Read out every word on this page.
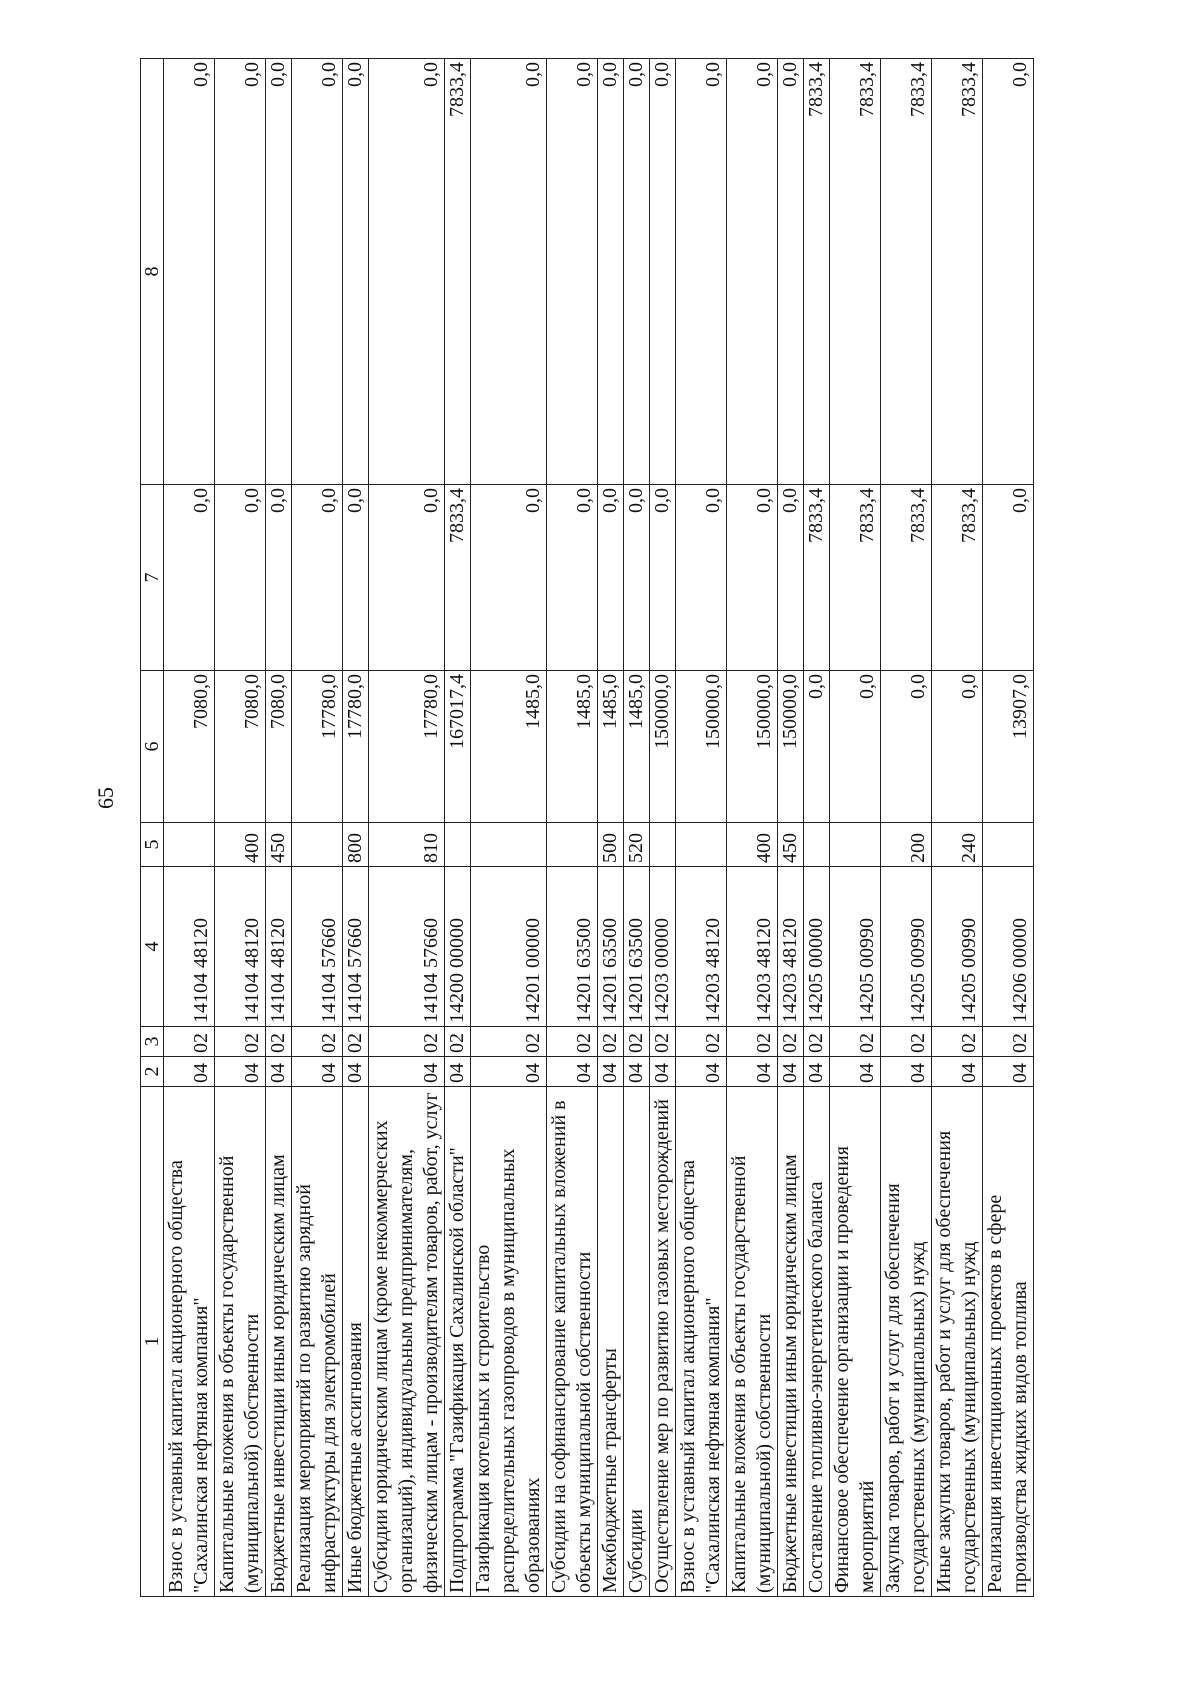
65
1	2	3	4	5	6	7	8
Взнос в уставный капитал акционерного общества "Сахалинская нефтяная компания"	04	02	14104 48120		7080,0	0,0	0,0
Капитальные вложения в объекты государственной (муниципальной) собственности	04	02	14104 48120	400	7080,0	0,0	0,0
Бюджетные инвестиции иным юридическим лицам	04	02	14104 48120	450	7080,0	0,0	0,0
Реализация мероприятий по развитию зарядной инфраструктуры для электромобилей	04	02	14104 57660		17780,0	0,0	0,0
Иные бюджетные ассигнования	04	02	14104 57660	800	17780,0	0,0	0,0
Субсидии юридическим лицам (кроме некоммерческих организаций), индивидуальным предпринимателям, физическим лицам - производителям товаров, работ, услуг	04	02	14104 57660	810	17780,0	0,0	0,0
Подпрограмма "Газификация Сахалинской области"	04	02	14200 00000		167017,4	7833,4	7833,4
Газификация котельных и строительство распределительных газопроводов в муниципальных образованиях	04	02	14201 00000		1485,0	0,0	0,0
Субсидии на софинансирование капитальных вложений в объекты муниципальной собственности	04	02	14201 63500		1485,0	0,0	0,0
Межбюджетные трансферты	04	02	14201 63500	500	1485,0	0,0	0,0
Субсидии	04	02	14201 63500	520	1485,0	0,0	0,0
Осуществление мер по развитию газовых месторождений	04	02	14203 00000		150000,0	0,0	0,0
Взнос в уставный капитал акционерного общества "Сахалинская нефтяная компания"	04	02	14203 48120		150000,0	0,0	0,0
Капитальные вложения в объекты государственной (муниципальной) собственности	04	02	14203 48120	400	150000,0	0,0	0,0
Бюджетные инвестиции иным юридическим лицам	04	02	14203 48120	450	150000,0	0,0	0,0
Составление топливно-энергетического баланса	04	02	14205 00000		0,0	7833,4	7833,4
Финансовое обеспечение организации и проведения мероприятий	04	02	14205 00990		0,0	7833,4	7833,4
Закупка товаров, работ и услуг для обеспечения государственных (муниципальных) нужд	04	02	14205 00990	200	0,0	7833,4	7833,4
Иные закупки товаров, работ и услуг для обеспечения государственных (муниципальных) нужд	04	02	14205 00990	240	0,0	7833,4	7833,4
Реализация инвестиционных проектов в сфере производства жидких видов топлива	04	02	14206 00000		13907,0	0,0	0,0
